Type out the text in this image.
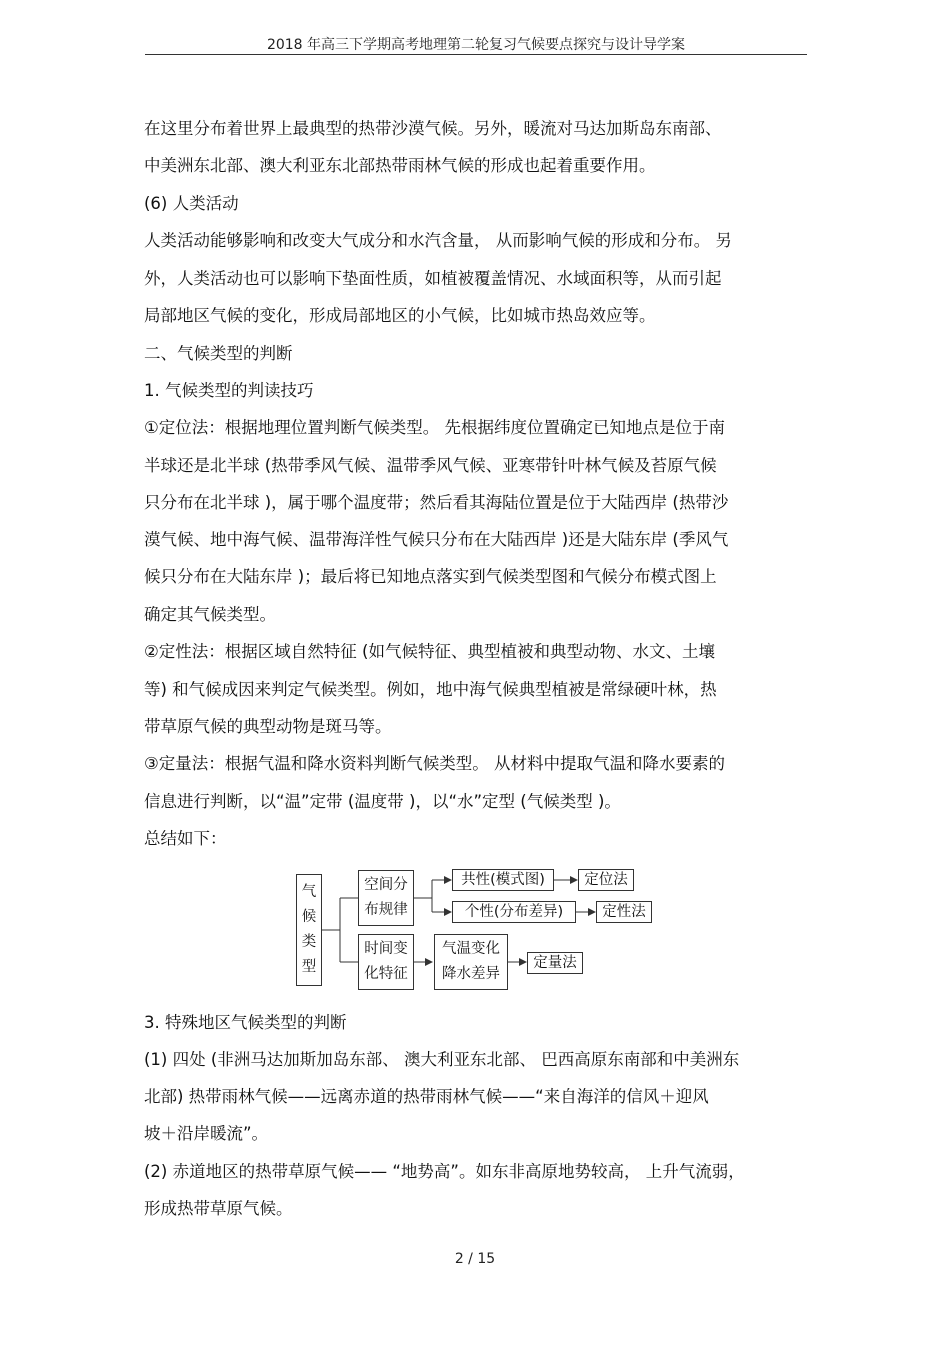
2018 年高三下学期高考地理第二轮复习气候要点探究与设计导学案
在这里分布着世界上最典型的热带沙漠气候。另外，暖流对马达加斯岛东南部、
中美洲东北部、澳大利亚东北部热带雨林气候的形成也起着重要作用。
(6) 人类活动
人类活动能够影响和改变大气成分和水汽含量， 从而影响气候的形成和分布。 另
外，人类活动也可以影响下垫面性质，如植被覆盖情况、水域面积等，从而引起
局部地区气候的变化，形成局部地区的小气候，比如城市热岛效应等。
二、气候类型的判断
1. 气候类型的判读技巧
①定位法：根据地理位置判断气候类型。 先根据纬度位置确定已知地点是位于南
半球还是北半球 (热带季风气候、温带季风气候、亚寒带针叶林气候及苔原气候
只分布在北半球 )，属于哪个温度带；然后看其海陆位置是位于大陆西岸 (热带沙
漠气候、地中海气候、温带海洋性气候只分布在大陆西岸 )还是大陆东岸 (季风气
候只分布在大陆东岸 )；最后将已知地点落实到气候类型图和气候分布模式图上
确定其气候类型。
②定性法：根据区域自然特征 (如气候特征、典型植被和典型动物、水文、土壤
等) 和气候成因来判定气候类型。例如，地中海气候典型植被是常绿硬叶林，热
带草原气候的典型动物是斑马等。
③定量法：根据气温和降水资料判断气候类型。 从材料中提取气温和降水要素的
信息进行判断，以“温”定带 (温度带 )，以“水”定型 (气候类型 )。
总结如下：
气
候
类
型
空间分
布规律
时间变
化特征
共性(模式图)
个性(分布差异)
气温变化
降水差异
定位法
定性法
定量法
3. 特殊地区气候类型的判断
(1) 四处 (非洲马达加斯加岛东部、 澳大利亚东北部、 巴西高原东南部和中美洲东
北部) 热带雨林气候——远离赤道的热带雨林气候——“来自海洋的信风＋迎风
坡＋沿岸暖流”。
(2) 赤道地区的热带草原气候—— “地势高”。如东非高原地势较高， 上升气流弱，
形成热带草原气候。
2 / 15
